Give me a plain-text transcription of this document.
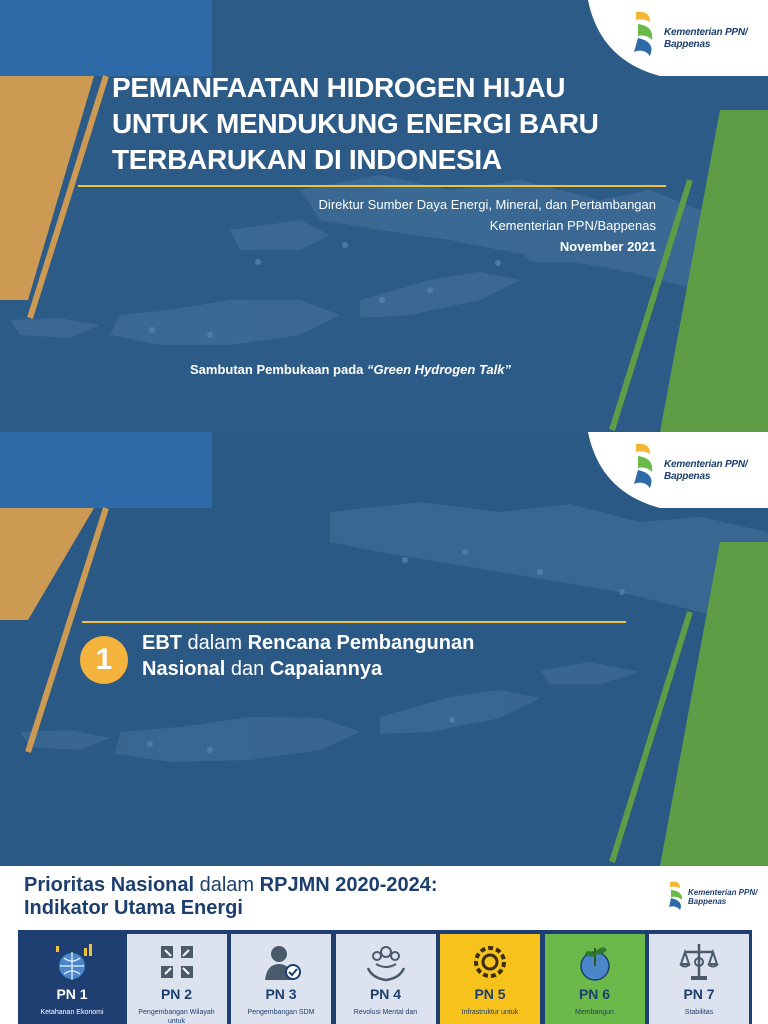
Kementerian PPN/
Bappenas
PEMANFAATAN HIDROGEN HIJAU
UNTUK MENDUKUNG ENERGI BARU
TERBARUKAN DI INDONESIA
Direktur Sumber Daya Energi, Mineral, dan Pertambangan
Kementerian PPN/Bappenas
November 2021
Sambutan Pembukaan pada “Green Hydrogen Talk”
Kementerian PPN/
Bappenas
1	EBT dalam Rencana Pembangunan
Nasional dan Capaiannya
Prioritas Nasional dalam RPJMN 2020-2024:
Indikator Utama Energi
Kementerian PPN/
Bappenas
PN 1
Ketahanan Ekonomi
PN 2
Pengembangan Wilayah untuk
PN 3
Pengembangan SDM
PN 4
Revolusi Mental dan
PN 5
Infrastruktur untuk
PN 6
Membangun
PN 7
Stabilitas
